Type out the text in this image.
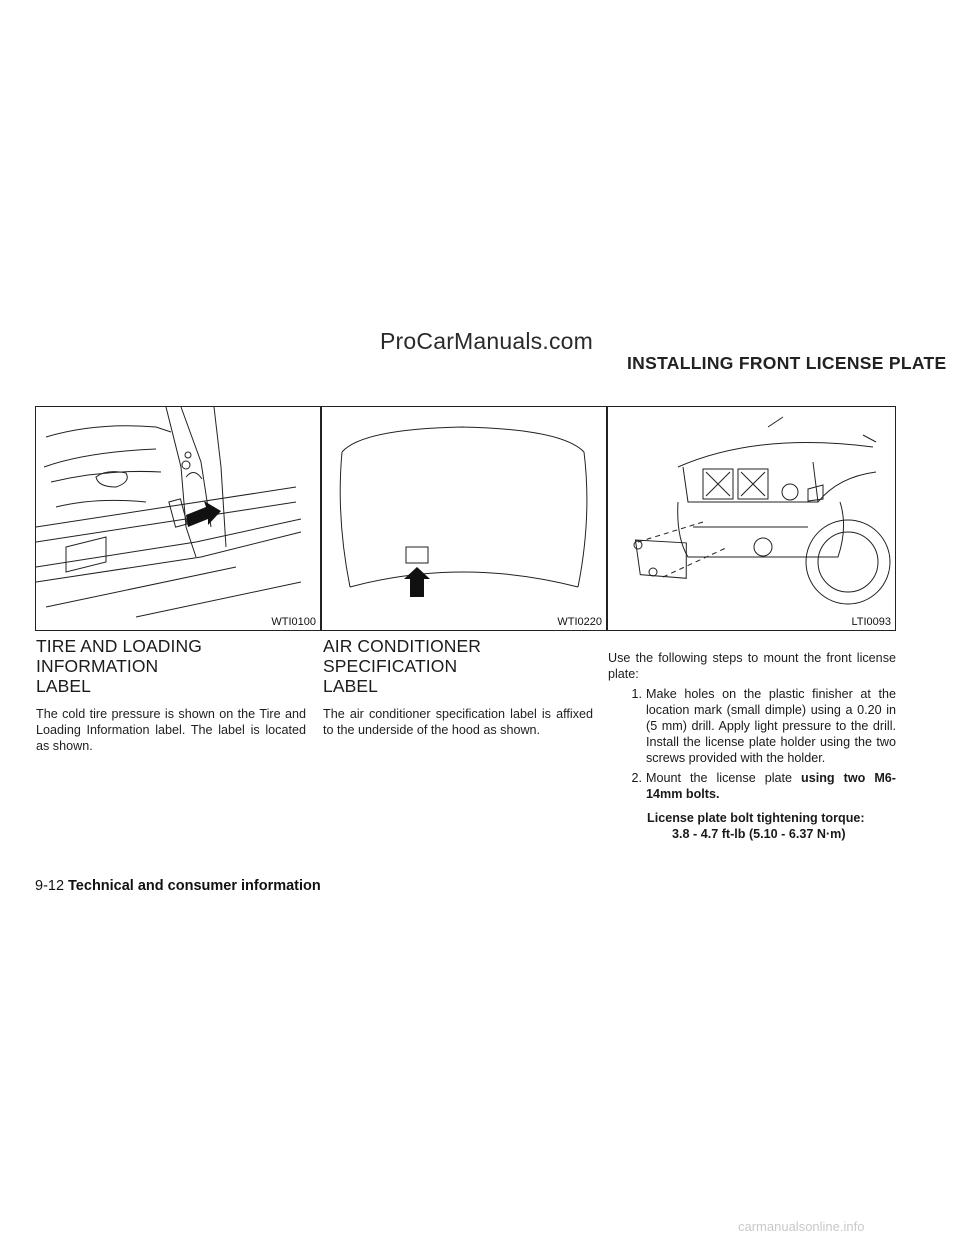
ProCarManuals.com
INSTALLING FRONT LICENSE PLATE
WTI0100	WTI0220	LTI0093
TIRE AND LOADING INFORMATION
LABEL

The cold tire pressure is shown on the Tire and Loading Information label. The label is located as shown.

AIR CONDITIONER SPECIFICATION
LABEL

The air conditioner specification label is affixed to the underside of the hood as shown.

Use the following steps to mount the front license plate:

1. Make holes on the plastic finisher at the location mark (small dimple) using a 0.20 in (5 mm) drill. Apply light pressure to the drill. Install the license plate holder using the two screws provided with the holder.
2. Mount the license plate using two M6-14mm bolts.
License plate bolt tightening torque:
3.8 - 4.7 ft-lb (5.10 - 6.37 N·m)
9-12 Technical and consumer information
carmanualsonline.info
